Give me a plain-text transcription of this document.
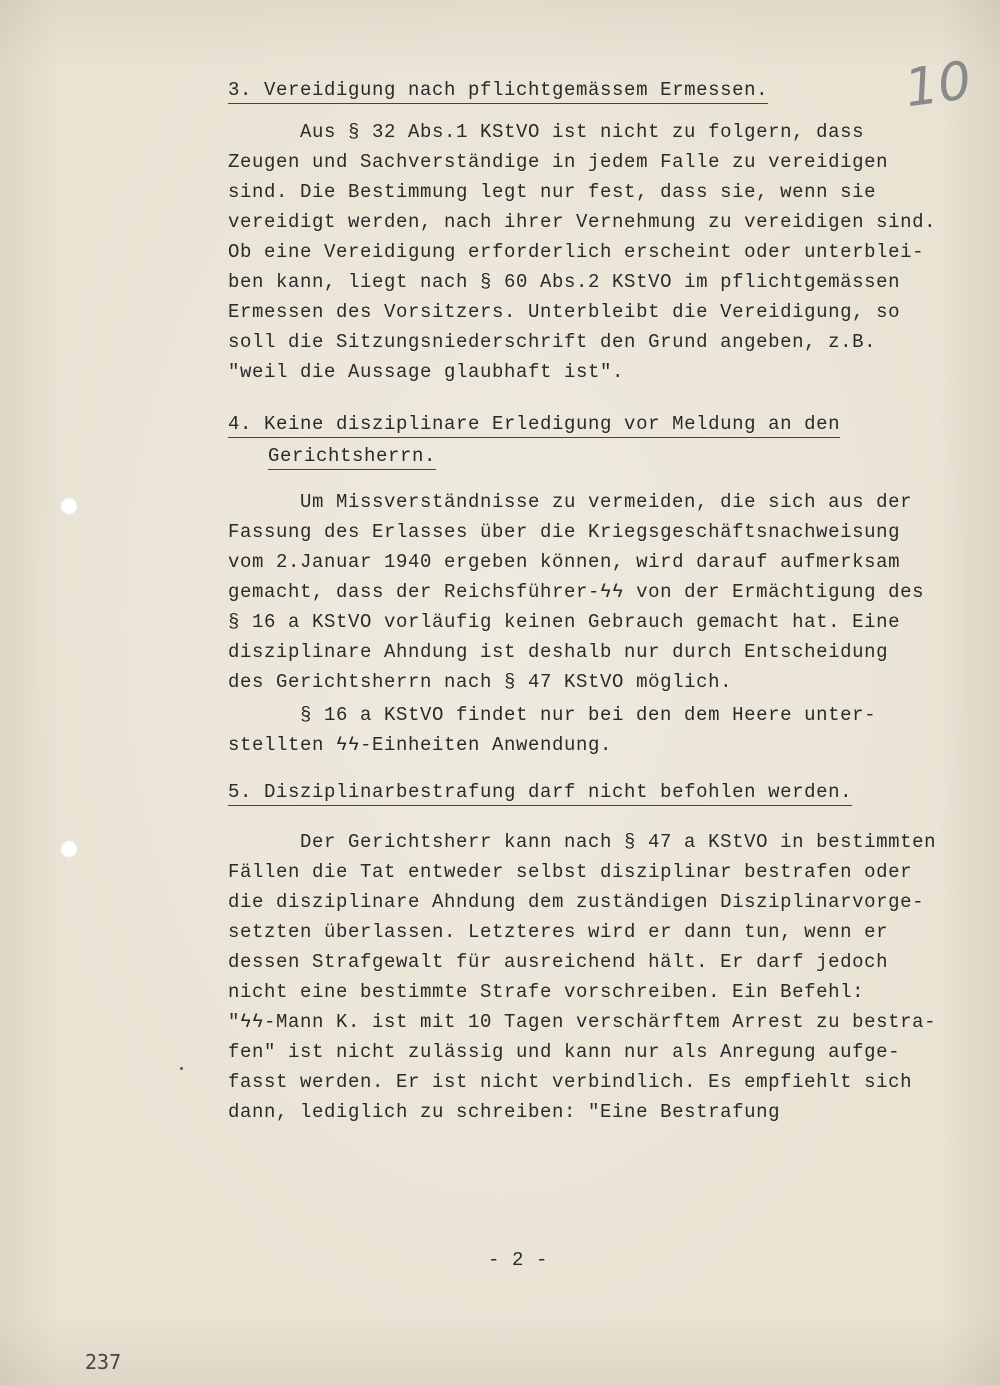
10
3. Vereidigung nach pflichtgemässem Ermessen.
Aus § 32 Abs.1 KStVO ist nicht zu folgern, dass
Zeugen und Sachverständige in jedem Falle zu vereidigen
sind. Die Bestimmung legt nur fest, dass sie, wenn sie
vereidigt werden, nach ihrer Vernehmung zu vereidigen sind.
Ob eine Vereidigung erforderlich erscheint oder unterblei-
ben kann, liegt nach § 60 Abs.2 KStVO im pflichtgemässen
Ermessen des Vorsitzers. Unterbleibt die Vereidigung, so
soll die Sitzungsniederschrift den Grund angeben, z.B.
"weil die Aussage glaubhaft ist".
4. Keine disziplinare Erledigung vor Meldung an den
Gerichtsherrn.
Um Missverständnisse zu vermeiden, die sich aus der
Fassung des Erlasses über die Kriegsgeschäftsnachweisung
vom 2.Januar 1940 ergeben können, wird darauf aufmerksam
gemacht, dass der Reichsführer-ϟϟ von der Ermächtigung des
§ 16 a KStVO vorläufig keinen Gebrauch gemacht hat. Eine
disziplinare Ahndung ist deshalb nur durch Entscheidung
des Gerichtsherrn nach § 47 KStVO möglich.
§ 16 a KStVO findet nur bei den dem Heere unter-
stellten ϟϟ-Einheiten Anwendung.
5. Disziplinarbestrafung darf nicht befohlen werden.
Der Gerichtsherr kann nach § 47 a KStVO in bestimmten
Fällen die Tat entweder selbst disziplinar bestrafen oder
die disziplinare Ahndung dem zuständigen Disziplinarvorge-
setzten überlassen. Letzteres wird er dann tun, wenn er
dessen Strafgewalt für ausreichend hält. Er darf jedoch
nicht eine bestimmte Strafe vorschreiben. Ein Befehl:
"ϟϟ-Mann K. ist mit 10 Tagen verschärftem Arrest zu bestra-
fen" ist nicht zulässig und kann nur als Anregung aufge-
fasst werden. Er ist nicht verbindlich. Es empfiehlt sich
dann, lediglich zu schreiben: "Eine Bestrafung
- 2 -
237
